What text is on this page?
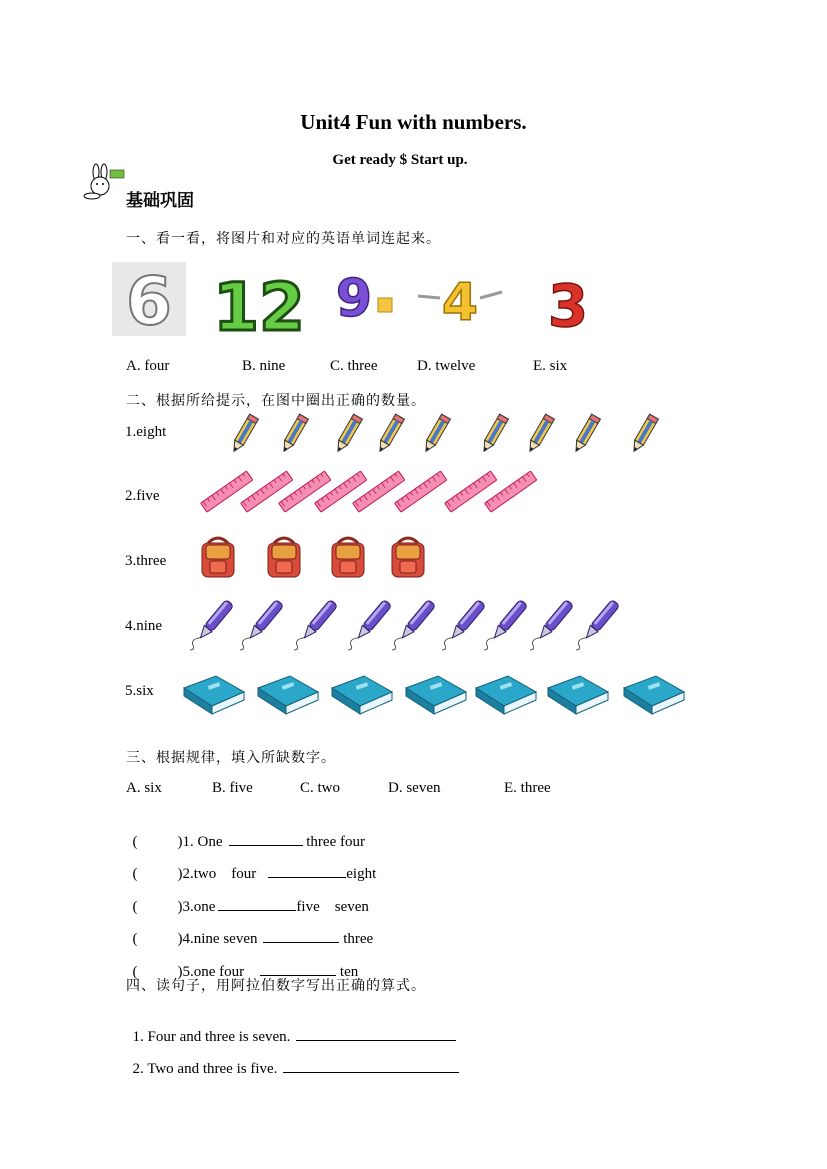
Unit4 Fun with numbers.
Get ready $ Start up.
基础巩固
一、看一看，将图片和对应的英语单词连起来。
6 12 9 4 3
A. four	B. nine	C. three	D. twelve	E. six
二、根据所给提示，在图中圈出正确的数量。
1.eight
2.five
3.three
4.nine
5.six
三、根据规律，填入所缺数字。
A. six	B. five	C. two	D. seven	E. three

(	)1. One	three four

(	)2.two    four	eight

(	)3.one	five    seven

(	)4.nine seven	three

(	)5.one four	ten

四、读句子，用阿拉伯数字写出正确的算式。

1. Four and three is seven.

2. Two and three is five.
